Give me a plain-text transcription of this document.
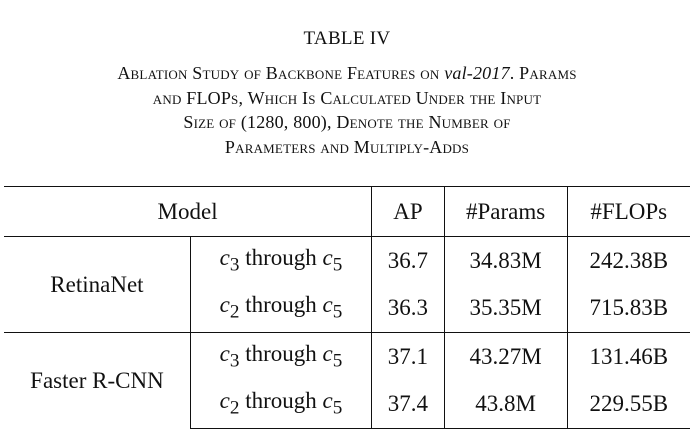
TABLE IV
Ablation Study of Backbone Features on val-2017. Params
and FLOPs, Which Is Calculated Under the Input
Size of (1280, 800), Denote the Number of
Parameters and Multiply-Adds
Model		AP	#Params	#FLOPs
RetinaNet	$c_3$ through $c_5$	36.7	34.83M	242.38B
	$c_2$ through $c_5$	36.3	35.35M	715.83B
Faster R-CNN	$c_3$ through $c_5$	37.1	43.27M	131.46B
	$c_2$ through $c_5$	37.4	43.8M	229.55B
